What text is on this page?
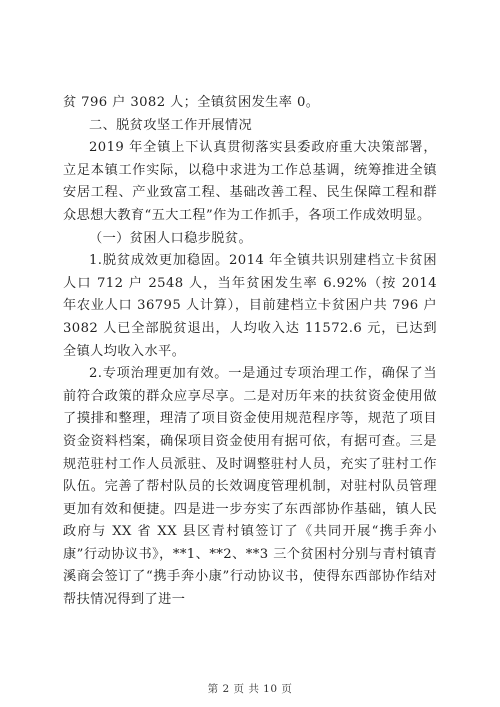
贫 796 户 3082 人；全镇贫困发生率 0。

二、脱贫攻坚工作开展情况

2019 年全镇上下认真贯彻落实县委政府重大决策部署，立足本镇工作实际，以稳中求进为工作总基调，统筹推进全镇安居工程、产业致富工程、基础改善工程、民生保障工程和群众思想大教育“五大工程”作为工作抓手，各项工作成效明显。

（一）贫困人口稳步脱贫。

1.脱贫成效更加稳固。2014 年全镇共识别建档立卡贫困人口 712 户 2548 人，当年贫困发生率 6.92%（按 2014 年农业人口 36795 人计算），目前建档立卡贫困户共 796 户 3082 人已全部脱贫退出，人均收入达 11572.6 元，已达到全镇人均收入水平。

2.专项治理更加有效。一是通过专项治理工作，确保了当前符合政策的群众应享尽享。二是对历年来的扶贫资金使用做了摸排和整理，理清了项目资金使用规范程序等，规范了项目资金资料档案，确保项目资金使用有据可依，有据可查。三是规范驻村工作人员派驻、及时调整驻村人员，充实了驻村工作队伍。完善了帮村队员的长效调度管理机制，对驻村队员管理更加有效和便捷。四是进一步夯实了东西部协作基础，镇人民政府与 XX 省 XX 县区青村镇签订了《共同开展“携手奔小康”行动协议书》，**1、**2、**3 三个贫困村分别与青村镇青溪商会签订了“携手奔小康”行动协议书，使得东西部协作结对帮扶情况得到了进一

第 2 页 共 10 页
